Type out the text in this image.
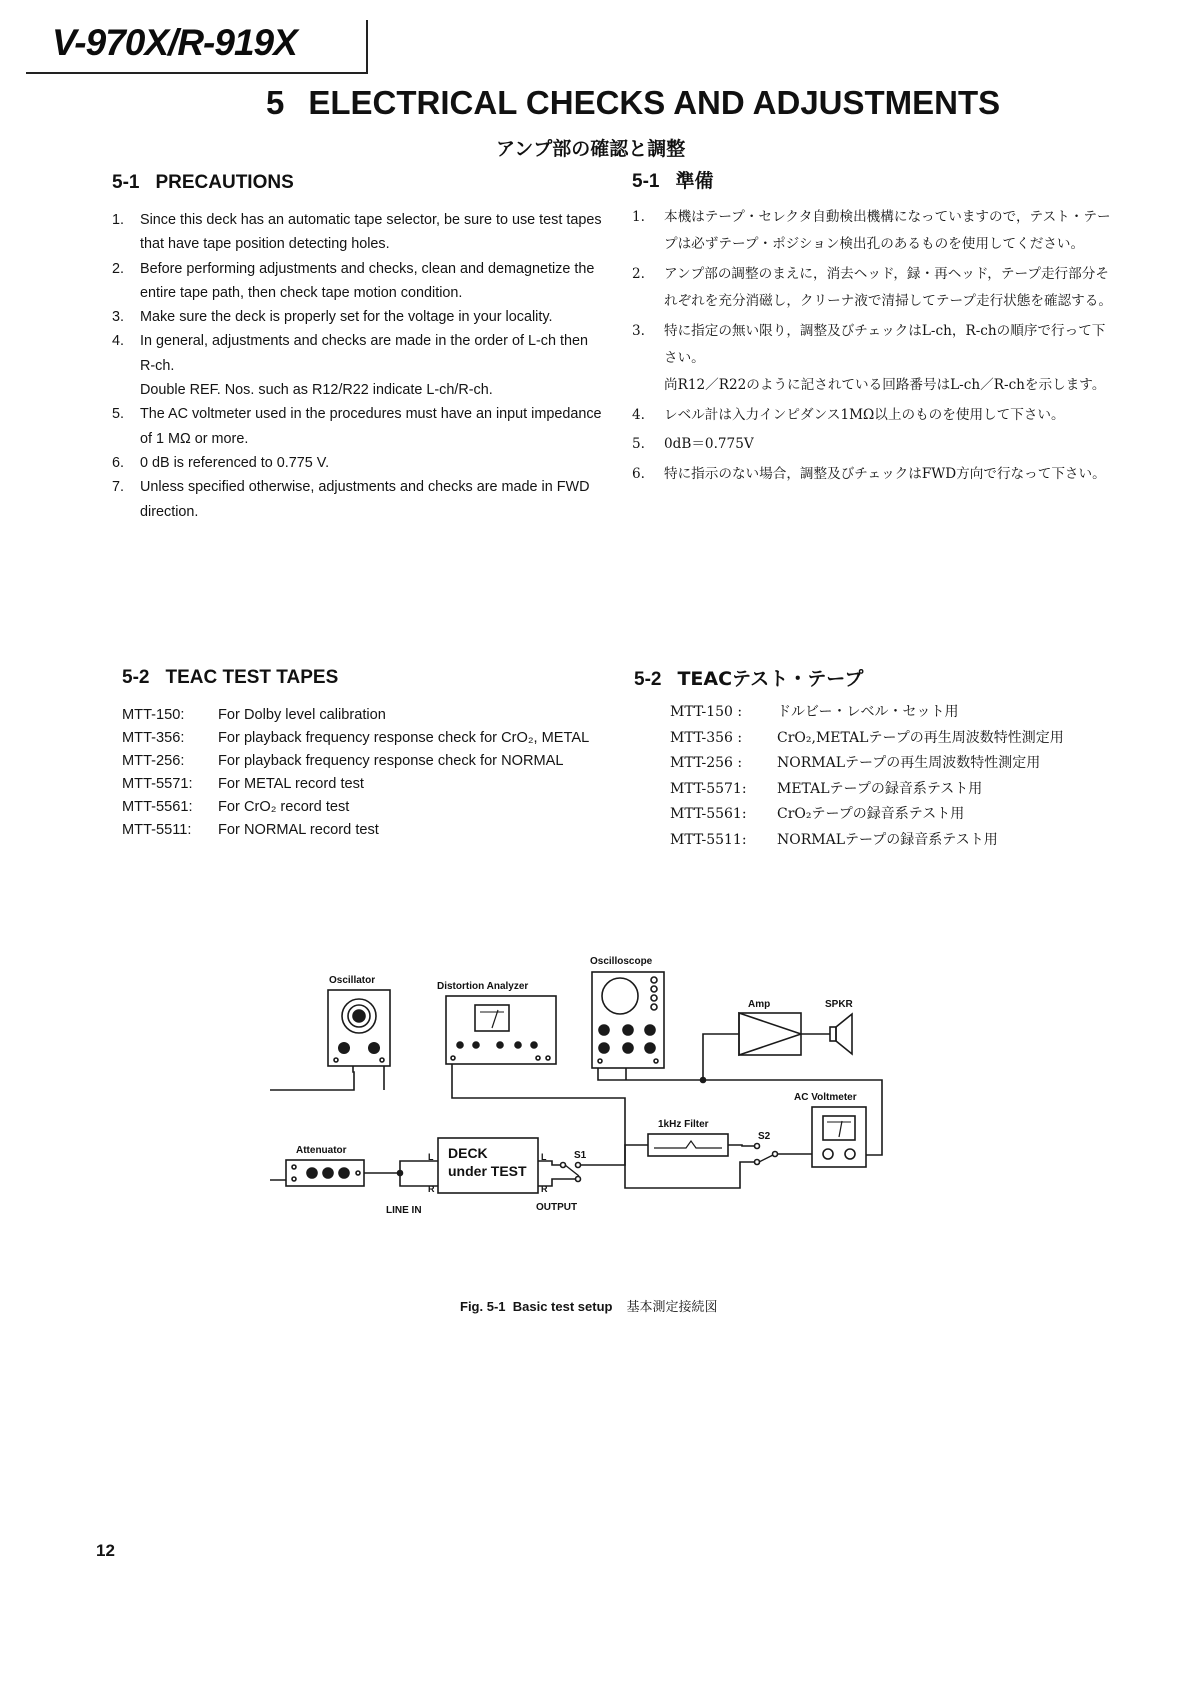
V-970X/R-919X
5 ELECTRICAL CHECKS AND ADJUSTMENTS
アンプ部の確認と調整
5-1 PRECAUTIONS	5-1 準備
1.	Since this deck has an automatic tape selector, be sure to use test tapes that have tape position detecting holes.
2.	Before performing adjustments and checks, clean and demagnetize the entire tape path, then check tape motion condition.
3.	Make sure the deck is properly set for the voltage in your locality.
4.	In general, adjustments and checks are made in the order of L-ch then R-ch.
Double REF. Nos. such as R12/R22 indicate L-ch/R-ch.
5.	The AC voltmeter used in the procedures must have an input impedance of 1 MΩ or more.
6.	0 dB is referenced to 0.775 V.
7.	Unless specified otherwise, adjustments and checks are made in FWD direction.
1.	本機はテープ・セレクタ自動検出機構になっていますので，テスト・テープは必ずテープ・ポジション検出孔のあるものを使用してください。
2.	アンプ部の調整のまえに，消去ヘッド，録・再ヘッド，テープ走行部分それぞれを充分消磁し，クリーナ液で清掃してテープ走行状態を確認する。
3.	特に指定の無い限り，調整及びチェックはL-ch，R-chの順序で行って下さい。
尚R12／R22のように記されている回路番号はL-ch／R-chを示します。
4.	レベル計は入力インピダンス1MΩ以上のものを使用して下さい。
5.	0dB＝0.775V
6.	特に指示のない場合，調整及びチェックはFWD方向で行なって下さい。
5-2 TEAC TEST TAPES	5-2 TEACテスト・テープ
MTT-150:	For Dolby level calibration
MTT-356:	For playback frequency response check for CrO₂, METAL
MTT-256:	For playback frequency response check for NORMAL
MTT-5571:	For METAL record test
MTT-5561:	For CrO₂ record test
MTT-5511:	For NORMAL record test
MTT-150 :	ドルビー・レベル・セット用
MTT-356 :	CrO₂,METALテープの再生周波数特性測定用
MTT-256 :	NORMALテープの再生周波数特性測定用
MTT-5571:	METALテープの録音系テスト用
MTT-5561:	CrO₂テープの録音系テスト用
MTT-5511:	NORMALテープの録音系テスト用
Oscillator
Distortion Analyzer
Oscilloscope
Amp	SPKR
AC Voltmeter
1kHz Filter
Attenuator	DECK
under TEST
L
R
L
R
LINE IN	OUTPUT
S1
S2
Fig. 5-1 Basic test setup 基本測定接続図
12
